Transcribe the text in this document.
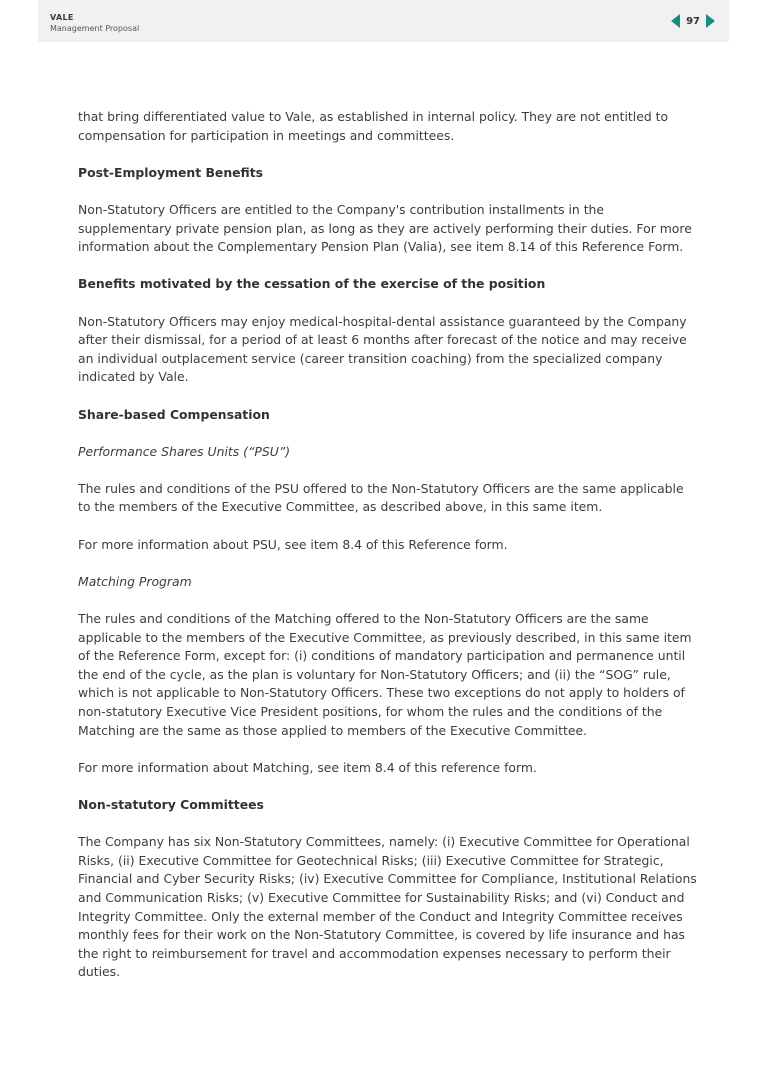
VALE
Management Proposal
97

that bring differentiated value to Vale, as established in internal policy. They are not entitled to compensation for participation in meetings and committees.

Post-Employment Benefits

Non-Statutory Officers are entitled to the Company's contribution installments in the supplementary private pension plan, as long as they are actively performing their duties. For more information about the Complementary Pension Plan (Valia), see item 8.14 of this Reference Form.

Benefits motivated by the cessation of the exercise of the position

Non-Statutory Officers may enjoy medical-hospital-dental assistance guaranteed by the Company after their dismissal, for a period of at least 6 months after forecast of the notice and may receive an individual outplacement service (career transition coaching) from the specialized company indicated by Vale.

Share-based Compensation

Performance Shares Units (“PSU”)

The rules and conditions of the PSU offered to the Non-Statutory Officers are the same applicable to the members of the Executive Committee, as described above, in this same item.

For more information about PSU, see item 8.4 of this Reference form.

Matching Program

The rules and conditions of the Matching offered to the Non-Statutory Officers are the same applicable to the members of the Executive Committee, as previously described, in this same item of the Reference Form, except for: (i) conditions of mandatory participation and permanence until the end of the cycle, as the plan is voluntary for Non-Statutory Officers; and (ii) the “SOG” rule, which is not applicable to Non-Statutory Officers. These two exceptions do not apply to holders of non-statutory Executive Vice President positions, for whom the rules and the conditions of the Matching are the same as those applied to members of the Executive Committee.

For more information about Matching, see item 8.4 of this reference form.

Non-statutory Committees

The Company has six Non-Statutory Committees, namely: (i) Executive Committee for Operational Risks, (ii) Executive Committee for Geotechnical Risks; (iii) Executive Committee for Strategic, Financial and Cyber Security Risks; (iv) Executive Committee for Compliance, Institutional Relations and Communication Risks; (v) Executive Committee for Sustainability Risks; and (vi) Conduct and Integrity Committee. Only the external member of the Conduct and Integrity Committee receives monthly fees for their work on the Non-Statutory Committee, is covered by life insurance and has the right to reimbursement for travel and accommodation expenses necessary to perform their duties.
